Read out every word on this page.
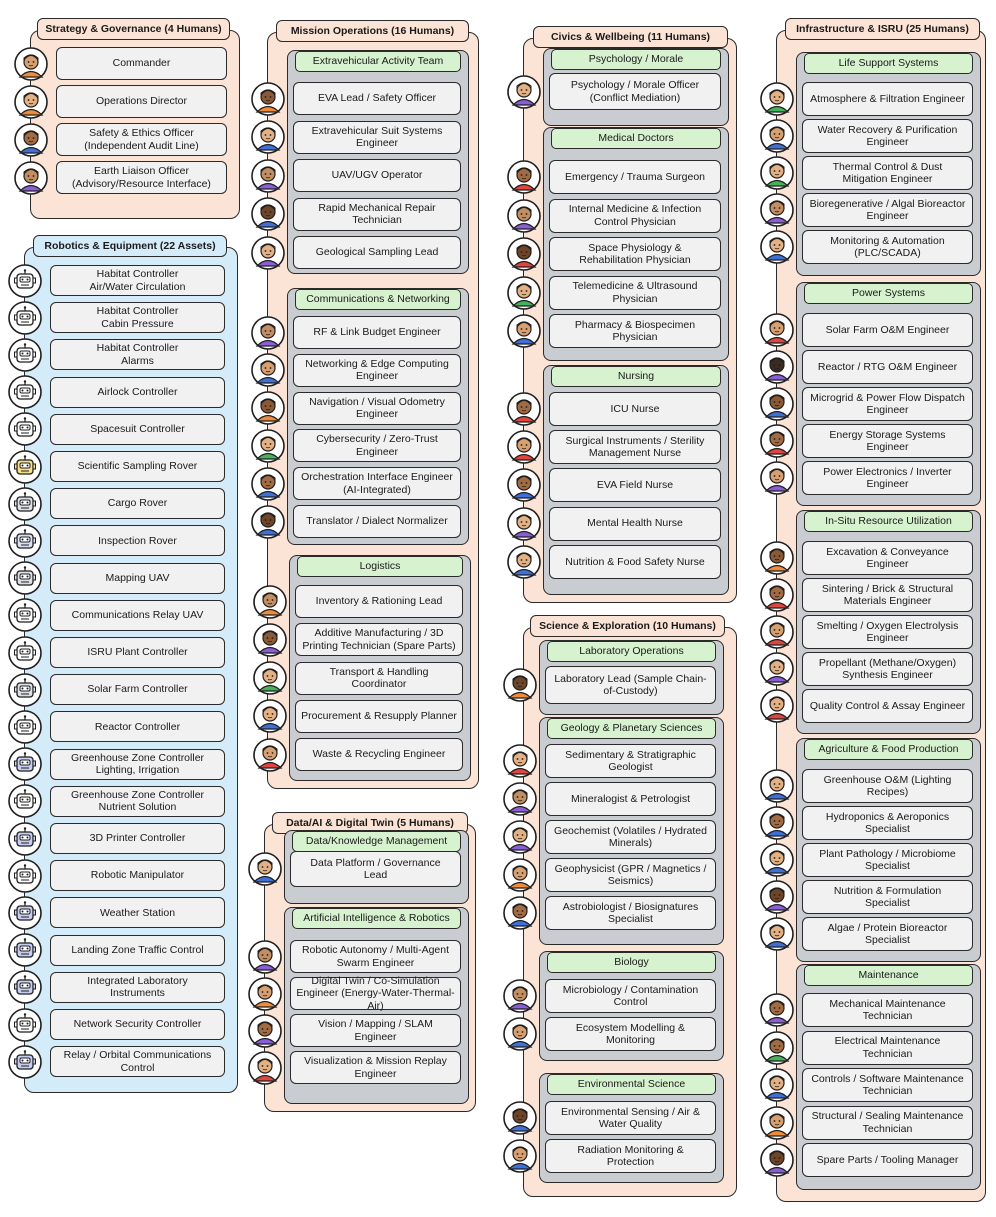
Strategy & Governance (4 Humans)
Commander
Operations Director
Safety & Ethics Officer
(Independent Audit Line)
Earth Liaison Officer
(Advisory/Resource Interface)
Robotics & Equipment (22 Assets)
Habitat Controller
Air/Water Circulation
Habitat Controller
Cabin Pressure
Habitat Controller
Alarms
Airlock Controller
Spacesuit Controller
Scientific Sampling Rover
Cargo Rover
Inspection Rover
Mapping UAV
Communications Relay UAV
ISRU Plant Controller
Solar Farm Controller
Reactor Controller
Greenhouse Zone Controller
Lighting, Irrigation
Greenhouse Zone Controller
Nutrient Solution
3D Printer Controller
Robotic Manipulator
Weather Station
Landing Zone Traffic Control
Integrated Laboratory
Instruments
Network Security Controller
Relay / Orbital Communications
Control
Mission Operations (16 Humans)
Extravehicular Activity Team
EVA Lead / Safety Officer
Extravehicular Suit Systems
Engineer
UAV/UGV Operator
Rapid Mechanical Repair
Technician
Geological Sampling Lead
Communications & Networking
RF & Link Budget Engineer
Networking & Edge Computing
Engineer
Navigation / Visual Odometry
Engineer
Cybersecurity / Zero-Trust
Engineer
Orchestration Interface Engineer
(AI-Integrated)
Translator / Dialect Normalizer
Logistics
Inventory & Rationing Lead
Additive Manufacturing / 3D
Printing Technician (Spare Parts)
Transport & Handling
Coordinator
Procurement & Resupply Planner
Waste & Recycling Engineer
Data/AI & Digital Twin (5 Humans)
Data/Knowledge Management
Data Platform / Governance
Lead
Artificial Intelligence & Robotics
Robotic Autonomy / Multi-Agent
Swarm Engineer
Digital Twin / Co-Simulation
Engineer (Energy-Water-Thermal-
Air)
Vision / Mapping / SLAM
Engineer
Visualization & Mission Replay
Engineer
Civics & Wellbeing (11 Humans)
Psychology / Morale
Psychology / Morale Officer
(Conflict Mediation)
Medical Doctors
Emergency / Trauma Surgeon
Internal Medicine & Infection
Control Physician
Space Physiology &
Rehabilitation Physician
Telemedicine & Ultrasound
Physician
Pharmacy & Biospecimen
Physician
Nursing
ICU Nurse
Surgical Instruments / Sterility
Management Nurse
EVA Field Nurse
Mental Health Nurse
Nutrition & Food Safety Nurse
Science & Exploration (10 Humans)
Laboratory Operations
Laboratory Lead (Sample Chain-
of-Custody)
Geology & Planetary Sciences
Sedimentary & Stratigraphic
Geologist
Mineralogist & Petrologist
Geochemist (Volatiles / Hydrated
Minerals)
Geophysicist (GPR / Magnetics /
Seismics)
Astrobiologist / Biosignatures
Specialist
Biology
Microbiology / Contamination
Control
Ecosystem Modelling &
Monitoring
Environmental Science
Environmental Sensing / Air &
Water Quality
Radiation Monitoring &
Protection
Infrastructure & ISRU (25 Humans)
Life Support Systems
Atmosphere & Filtration Engineer
Water Recovery & Purification
Engineer
Thermal Control & Dust
Mitigation Engineer
Bioregenerative / Algal Bioreactor
Engineer
Monitoring & Automation
(PLC/SCADA)
Power Systems
Solar Farm O&M Engineer
Reactor / RTG O&M Engineer
Microgrid & Power Flow Dispatch
Engineer
Energy Storage Systems Engineer
Power Electronics / Inverter
Engineer
In-Situ Resource Utilization
Excavation & Conveyance
Engineer
Sintering / Brick & Structural
Materials Engineer
Smelting / Oxygen Electrolysis
Engineer
Propellant (Methane/Oxygen)
Synthesis Engineer
Quality Control & Assay Engineer
Agriculture & Food Production
Greenhouse O&M (Lighting
Recipes)
Hydroponics & Aeroponics
Specialist
Plant Pathology / Microbiome
Specialist
Nutrition & Formulation
Specialist
Algae / Protein Bioreactor
Specialist
Maintenance
Mechanical Maintenance
Technician
Electrical Maintenance
Technician
Controls / Software Maintenance
Technician
Structural / Sealing Maintenance
Technician
Spare Parts / Tooling Manager
